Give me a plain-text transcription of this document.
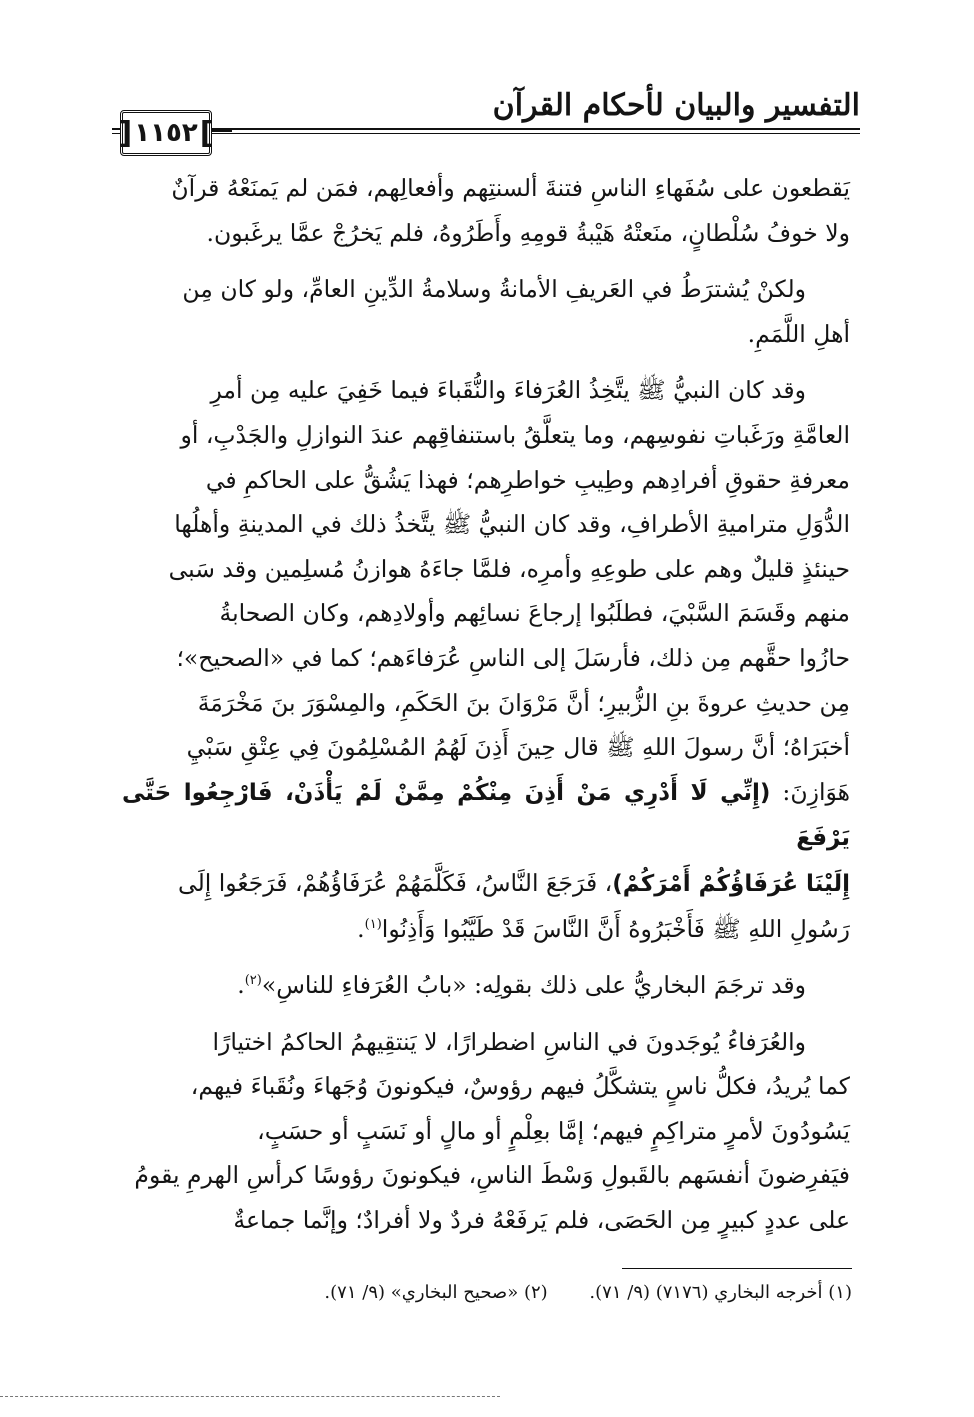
التفسير والبيان لأحكام القرآن
]
١١٥٢
[

يَقطعون على سُفَهاءِ الناسِ فتنةَ ألسنتِهم وأفعالِهم، فمَن لم يَمنَعْهُ قرآنٌ
ولا خوفُ سُلْطانٍ، منَعتْهُ هَيْبةُ قومِهِ وأَطَرُوهُ، فلم يَخرُجْ عمَّا يرغَبون.

ولكنْ يُشترَطُ في العَريفِ الأمانةُ وسلامةُ الدِّينِ العامِّ، ولو كان مِن
أهلِ اللَّمَمِ.

وقد كان النبيُّ ﷺ يتَّخِذُ العُرَفاءَ والنُّقَباءَ فيما خَفِيَ عليه مِن أمرِ
العامَّةِ ورَغَباتِ نفوسِهم، وما يتعلَّقُ باستنفاقِهم عندَ النوازلِ والجَدْبِ، أو
معرفةِ حقوقِ أفرادِهم وطِيبِ خواطرِهم؛ فهذا يَشُقُّ على الحاكمِ في
الدُّوَلِ متراميةِ الأطرافِ، وقد كان النبيُّ ﷺ يتَّخذُ ذلك في المدينةِ وأهلُها
حينئذٍ قليلٌ وهم على طوعِهِ وأمرِه، فلمَّا جاءَهُ هوازنُ مُسلِمين وقد سَبى
منهم وقَسَمَ السَّبْيَ، فطلَبُوا إرجاعَ نسائِهم وأولادِهم، وكان الصحابةُ
حازُوا حقَّهم مِن ذلك، فأرسَلَ إلى الناسِ عُرَفاءَهم؛ كما في «الصحيح»؛
مِن حديثِ عروةَ بنِ الزُّبيرِ؛ أنَّ مَرْوَانَ بنَ الحَكَمِ، والمِسْوَرَ بنَ مَخْرَمَةَ
أخبَرَاهُ؛ أنَّ رسولَ اللهِ ﷺ قال حِينَ أَذِنَ لَهُمُ المُسْلِمُونَ فِي عِتْقِ سَبْيِ
هَوَازِنَ: (إِنِّي لَا أَدْرِي مَنْ أَذِنَ مِنْكُمْ مِمَّنْ لَمْ يَأْذَنْ، فَارْجِعُوا حَتَّى يَرْفَعَ
إِلَيْنَا عُرَفَاؤُكُمْ أَمْرَكُمْ)، فَرَجَعَ النَّاسُ، فَكَلَّمَهُمْ عُرَفَاؤُهُمْ، فَرَجَعُوا إِلَى
رَسُولِ اللهِ ﷺ فَأَخْبَرُوهُ أَنَّ النَّاسَ قَدْ طَيَّبُوا وَأَذِنُوا$^{(١)}$.

وقد ترجَمَ البخاريُّ على ذلك بقولِه: «بابُ العُرَفاءِ للناسِ»$^{(٢)}$.

والعُرَفاءُ يُوجَدونَ في الناسِ اضطرارًا، لا يَنتقِيهمُ الحاكمُ اختيارًا
كما يُريدُ، فكلُّ ناسٍ يتشكَّلُ فيهم رؤوسٌ، فيكونونَ وُجَهاءَ ونُقَباءَ فيهم،
يَسُودُونَ لأمرٍ متراكِمٍ فيهم؛ إمَّا بعِلْمٍ أو مالٍ أو نَسَبٍ أو حسَبٍ،
فيَفرِضونَ أنفسَهم بالقَبولِ وَسْطَ الناسِ، فيكونونَ رؤوسًا كرأسِ الهرمِ يقومُ
على عددٍ كبيرٍ مِن الحَصَى، فلم يَرفَعْهُ فردٌ ولا أفرادٌ؛ وإنَّما جماعةٌ

(١) أخرجه البخاري (٧١٧٦) (٩/ ٧١). (٢) «صحيح البخاري» (٩/ ٧١).
